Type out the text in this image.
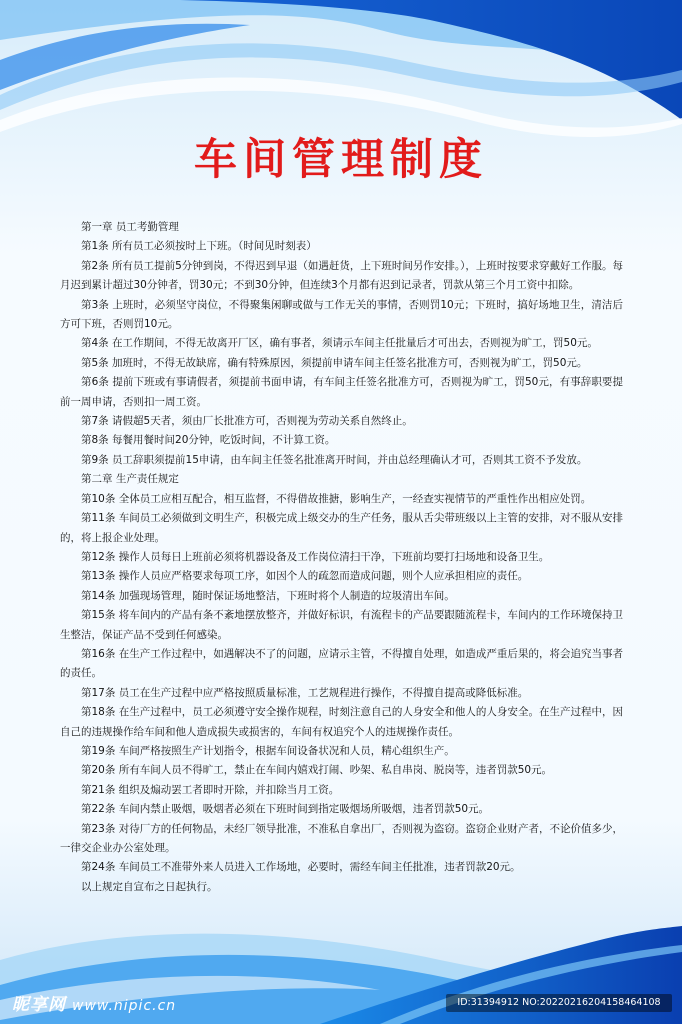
车间管理制度

第一章 员工考勤管理

第1条 所有员工必须按时上下班。（时间见时刻表）

第2条 所有员工提前5分钟到岗，不得迟到早退（如遇赶货，上下班时间另作安排。），上班时按要求穿戴好工作服。每月迟到累计超过30分钟者，罚30元；不到30分钟，但连续3个月都有迟到记录者，罚款从第三个月工资中扣除。

第3条 上班时，必须坚守岗位，不得聚集闲聊或做与工作无关的事情，否则罚10元；下班时，搞好场地卫生，清洁后方可下班，否则罚10元。

第4条 在工作期间，不得无故离开厂区，确有事者，须请示车间主任批量后才可出去，否则视为旷工，罚50元。

第5条 加班时，不得无故缺席，确有特殊原因，须提前申请车间主任签名批准方可，否则视为旷工，罚50元。

第6条 提前下班或有事请假者，须提前书面申请，有车间主任签名批准方可，否则视为旷工，罚50元，有事辞职要提前一周申请，否则扣一周工资。

第7条 请假超5天者，须由厂长批准方可，否则视为劳动关系自然终止。

第8条 每餐用餐时间20分钟，吃饭时间，不计算工资。

第9条 员工辞职须提前15申请，由车间主任签名批准离开时间，并由总经理确认才可，否则其工资不予发放。

第二章 生产责任规定

第10条 全体员工应相互配合，相互监督，不得借故推搪，影响生产，一经查实视情节的严重性作出相应处罚。

第11条 车间员工必须做到文明生产，积极完成上级交办的生产任务，服从舌尖带班级以上主管的安排，对不服从安排的，将上报企业处理。

第12条 操作人员每日上班前必须将机器设备及工作岗位清扫干净，下班前均要打扫场地和设备卫生。

第13条 操作人员应严格要求每项工序，如因个人的疏忽而造成问题，则个人应承担相应的责任。

第14条 加强现场管理，随时保证场地整洁，下班时将个人制造的垃圾清出车间。

第15条 将车间内的产品有条不紊地摆放整齐，并做好标识，有流程卡的产品要跟随流程卡，车间内的工作环境保持卫生整洁，保证产品不受到任何感染。

第16条 在生产工作过程中，如遇解决不了的问题，应请示主管，不得擅自处理，如造成严重后果的，将会追究当事者的责任。

第17条 员工在生产过程中应严格按照质量标准，工艺规程进行操作，不得擅自提高或降低标准。

第18条 在生产过程中，员工必须遵守安全操作规程，时刻注意自己的人身安全和他人的人身安全。在生产过程中，因自己的违规操作给车间和他人造成损失或损害的，车间有权追究个人的违规操作责任。

第19条 车间严格按照生产计划指令，根据车间设备状况和人员，精心组织生产。

第20条 所有车间人员不得旷工，禁止在车间内嬉戏打闹、吵架、私自串岗、脱岗等，违者罚款50元。

第21条 组织及煽动罢工者即时开除，并扣除当月工资。

第22条 车间内禁止吸烟，吸烟者必须在下班时间到指定吸烟场所吸烟，违者罚款50元。

第23条 对待厂方的任何物品，未经厂领导批准，不准私自拿出厂，否则视为盗窃。盗窃企业财产者，不论价值多少，一律交企业办公室处理。

第24条 车间员工不准带外来人员进入工作场地，必要时，需经车间主任批准，违者罚款20元。

以上规定自宣布之日起执行。

昵享网 www.nipic.cn	ID:31394912 NO:20220216204158464108
